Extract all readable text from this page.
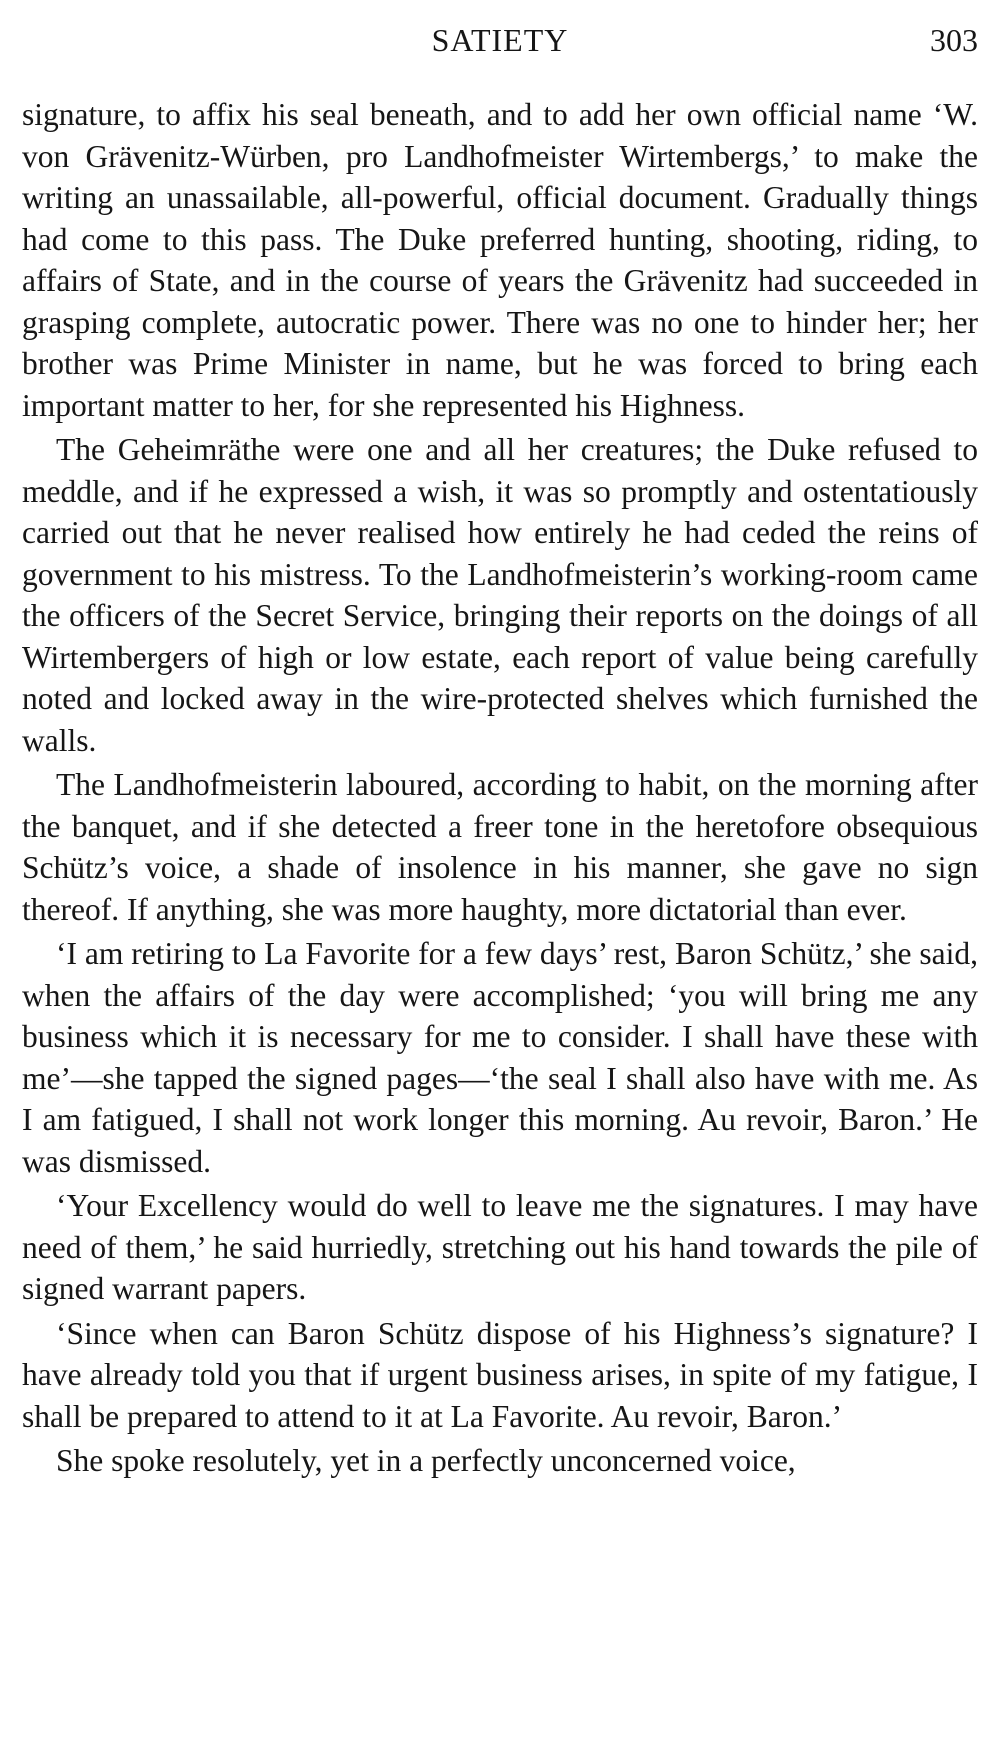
SATIETY	303

signature, to affix his seal beneath, and to add her own official name ‘W. von Grävenitz-Würben, pro Landhofmeister Wirtembergs,’ to make the writing an unassailable, all-powerful, official document. Gradually things had come to this pass. The Duke preferred hunting, shooting, riding, to affairs of State, and in the course of years the Grävenitz had succeeded in grasping complete, autocratic power. There was no one to hinder her; her brother was Prime Minister in name, but he was forced to bring each important matter to her, for she represented his Highness.

The Geheimräthe were one and all her creatures; the Duke refused to meddle, and if he expressed a wish, it was so promptly and ostentatiously carried out that he never realised how entirely he had ceded the reins of government to his mistress. To the Landhofmeisterin’s working-room came the officers of the Secret Service, bringing their reports on the doings of all Wirtembergers of high or low estate, each report of value being carefully noted and locked away in the wire-protected shelves which furnished the walls.

The Landhofmeisterin laboured, according to habit, on the morning after the banquet, and if she detected a freer tone in the heretofore obsequious Schütz’s voice, a shade of insolence in his manner, she gave no sign thereof. If anything, she was more haughty, more dictatorial than ever.

‘I am retiring to La Favorite for a few days’ rest, Baron Schütz,’ she said, when the affairs of the day were accomplished; ‘you will bring me any business which it is necessary for me to consider. I shall have these with me’—she tapped the signed pages—‘the seal I shall also have with me. As I am fatigued, I shall not work longer this morning. Au revoir, Baron.’ He was dismissed.

‘Your Excellency would do well to leave me the signatures. I may have need of them,’ he said hurriedly, stretching out his hand towards the pile of signed warrant papers.

‘Since when can Baron Schütz dispose of his Highness’s signature? I have already told you that if urgent business arises, in spite of my fatigue, I shall be prepared to attend to it at La Favorite. Au revoir, Baron.’

She spoke resolutely, yet in a perfectly unconcerned voice,
